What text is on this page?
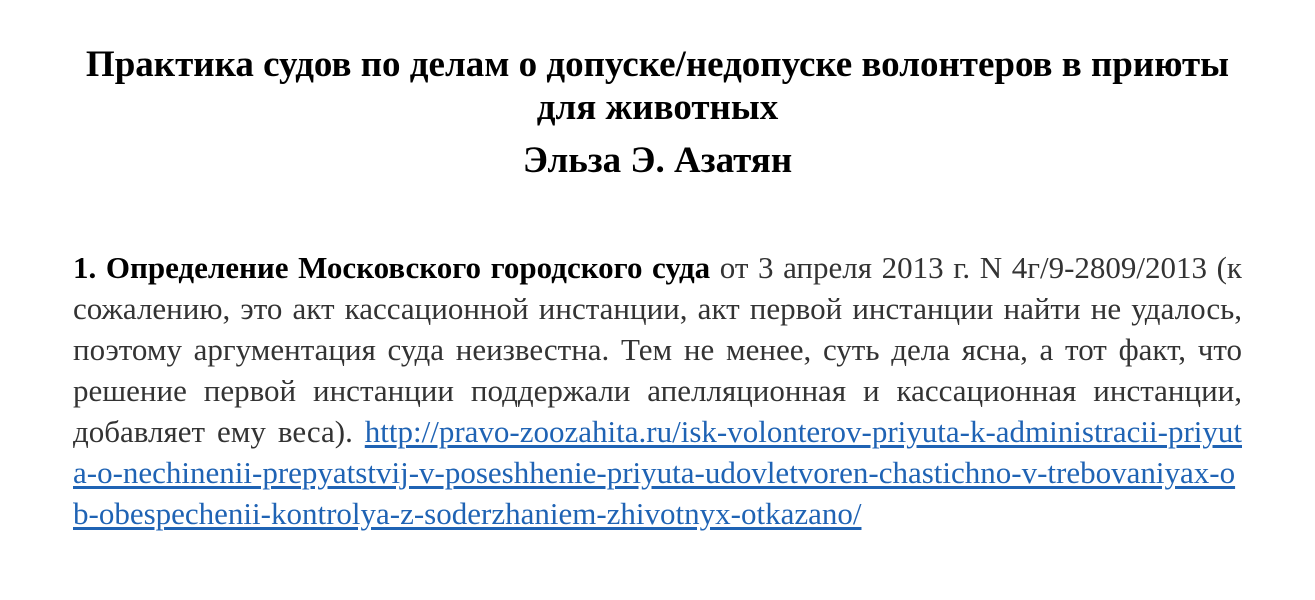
Практика судов по делам о допуске/недопуске волонтеров в приюты для животных
Эльза Э. Азатян

1. Определение Московского городского суда от 3 апреля 2013 г. N 4г/9-2809/2013 (к сожалению, это акт кассационной инстанции, акт первой инстанции найти не удалось, поэтому аргументация суда неизвестна. Тем не менее, суть дела ясна, а тот факт, что решение первой инстанции поддержали апелляционная и кассационная инстанции, добавляет ему веса). http://pravo-zoozahita.ru/isk-volonterov-priyuta-k-administracii-priyuta-o-nechinenii-prepyatstvij-v-poseshhenie-priyuta-udovletvoren-chastichno-v-trebovaniyax-ob-obespechenii-kontrolya-z-soderzhaniem-zhivotnyx-otkazano/
